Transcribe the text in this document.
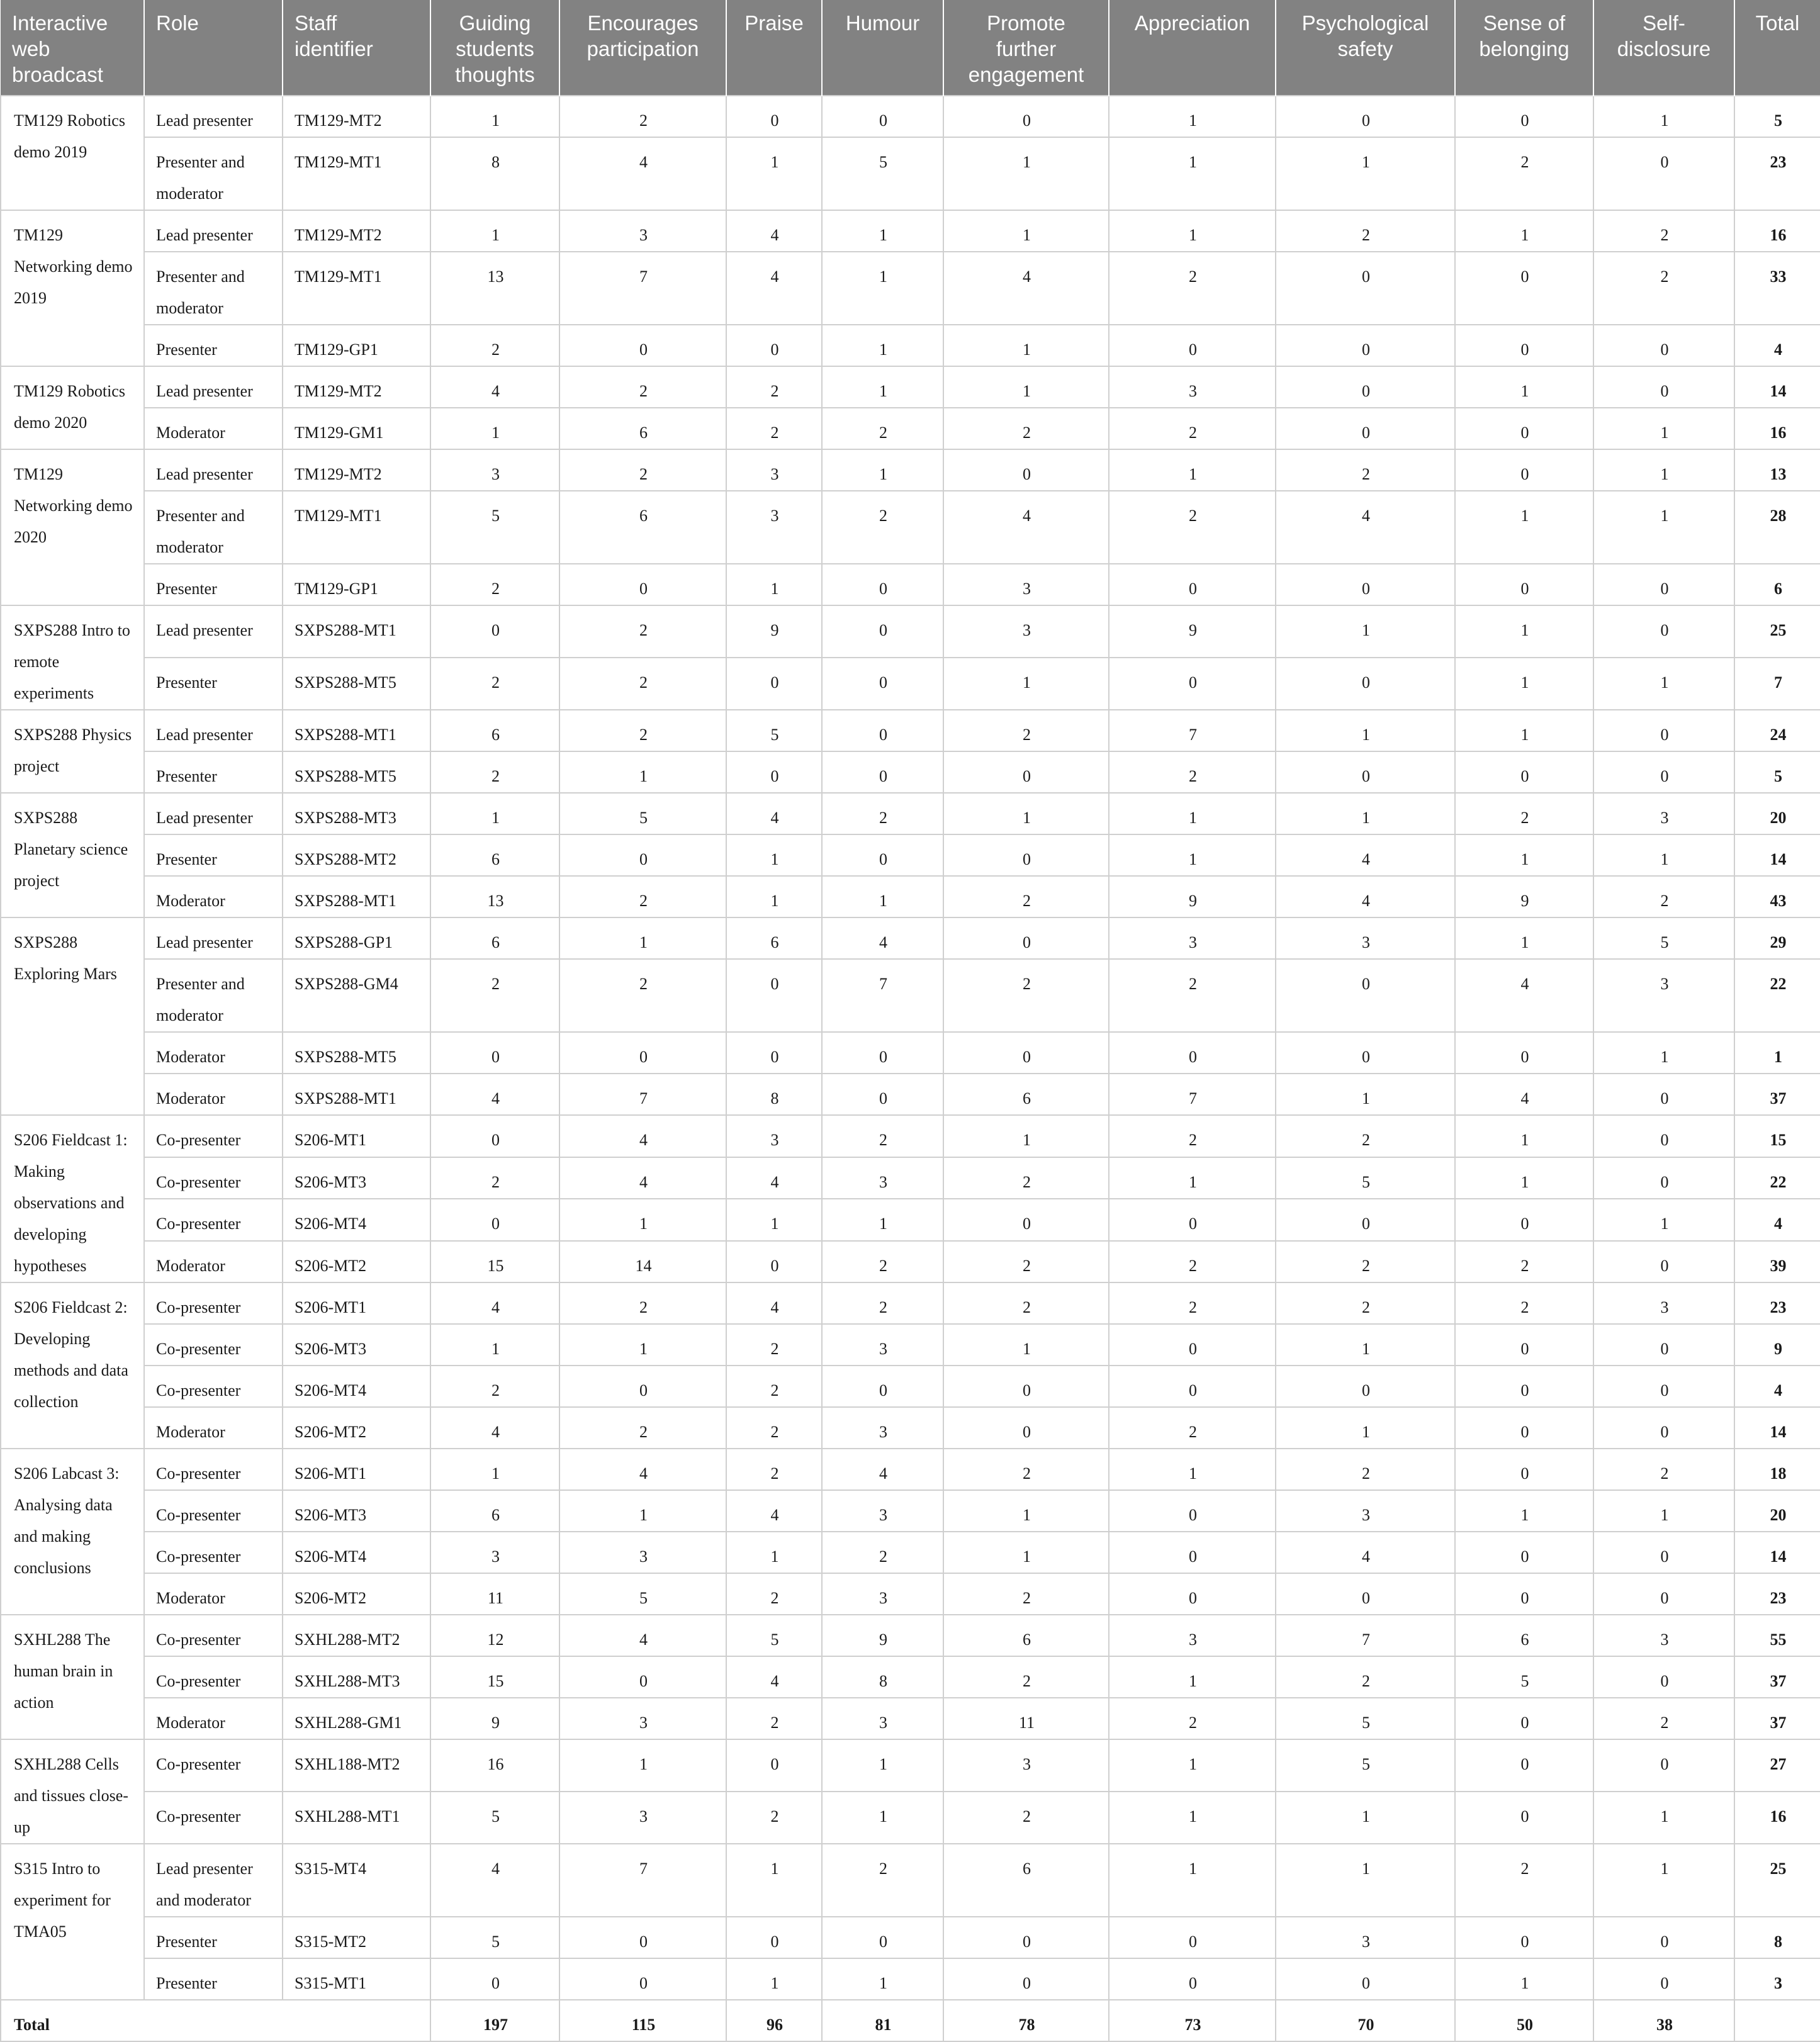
Interactive web broadcast	Role	Staff identifier	Guiding students thoughts	Encourages participation	Praise	Humour	Promote further engagement	Appreciation	Psychological safety	Sense of belonging	Self-disclosure	Total
TM129 Robotics demo 2019	Lead presenter	TM129-MT2	1	2	0	0	0	1	0	0	1	5
	Presenter and moderator	TM129-MT1	8	4	1	5	1	1	1	2	0	23
TM129 Networking demo 2019	Lead presenter	TM129-MT2	1	3	4	1	1	1	2	1	2	16
	Presenter and moderator	TM129-MT1	13	7	4	1	4	2	0	0	2	33
	Presenter	TM129-GP1	2	0	0	1	1	0	0	0	0	4
TM129 Robotics demo 2020	Lead presenter	TM129-MT2	4	2	2	1	1	3	0	1	0	14
	Moderator	TM129-GM1	1	6	2	2	2	2	0	0	1	16
TM129 Networking demo 2020	Lead presenter	TM129-MT2	3	2	3	1	0	1	2	0	1	13
	Presenter and moderator	TM129-MT1	5	6	3	2	4	2	4	1	1	28
	Presenter	TM129-GP1	2	0	1	0	3	0	0	0	0	6
SXPS288 Intro to remote experiments	Lead presenter	SXPS288-MT1	0	2	9	0	3	9	1	1	0	25
	Presenter	SXPS288-MT5	2	2	0	0	1	0	0	1	1	7
SXPS288 Physics project	Lead presenter	SXPS288-MT1	6	2	5	0	2	7	1	1	0	24
	Presenter	SXPS288-MT5	2	1	0	0	0	2	0	0	0	5
SXPS288 Planetary science project	Lead presenter	SXPS288-MT3	1	5	4	2	1	1	1	2	3	20
	Presenter	SXPS288-MT2	6	0	1	0	0	1	4	1	1	14
	Moderator	SXPS288-MT1	13	2	1	1	2	9	4	9	2	43
SXPS288 Exploring Mars	Lead presenter	SXPS288-GP1	6	1	6	4	0	3	3	1	5	29
	Presenter and moderator	SXPS288-GM4	2	2	0	7	2	2	0	4	3	22
	Moderator	SXPS288-MT5	0	0	0	0	0	0	0	0	1	1
	Moderator	SXPS288-MT1	4	7	8	0	6	7	1	4	0	37
S206 Fieldcast 1: Making observations and developing hypotheses	Co-presenter	S206-MT1	0	4	3	2	1	2	2	1	0	15
	Co-presenter	S206-MT3	2	4	4	3	2	1	5	1	0	22
	Co-presenter	S206-MT4	0	1	1	1	0	0	0	0	1	4
	Moderator	S206-MT2	15	14	0	2	2	2	2	2	0	39
S206 Fieldcast 2: Developing methods and data collection	Co-presenter	S206-MT1	4	2	4	2	2	2	2	2	3	23
	Co-presenter	S206-MT3	1	1	2	3	1	0	1	0	0	9
	Co-presenter	S206-MT4	2	0	2	0	0	0	0	0	0	4
	Moderator	S206-MT2	4	2	2	3	0	2	1	0	0	14
S206 Labcast 3: Analysing data and making conclusions	Co-presenter	S206-MT1	1	4	2	4	2	1	2	0	2	18
	Co-presenter	S206-MT3	6	1	4	3	1	0	3	1	1	20
	Co-presenter	S206-MT4	3	3	1	2	1	0	4	0	0	14
	Moderator	S206-MT2	11	5	2	3	2	0	0	0	0	23
SXHL288 The human brain in action	Co-presenter	SXHL288-MT2	12	4	5	9	6	3	7	6	3	55
	Co-presenter	SXHL288-MT3	15	0	4	8	2	1	2	5	0	37
	Moderator	SXHL288-GM1	9	3	2	3	11	2	5	0	2	37
SXHL288 Cells and tissues close-up	Co-presenter	SXHL188-MT2	16	1	0	1	3	1	5	0	0	27
	Co-presenter	SXHL288-MT1	5	3	2	1	2	1	1	0	1	16
S315 Intro to experiment for TMA05	Lead presenter and moderator	S315-MT4	4	7	1	2	6	1	1	2	1	25
	Presenter	S315-MT2	5	0	0	0	0	0	3	0	0	8
	Presenter	S315-MT1	0	0	1	1	0	0	0	1	0	3
Total			197	115	96	81	78	73	70	50	38	
